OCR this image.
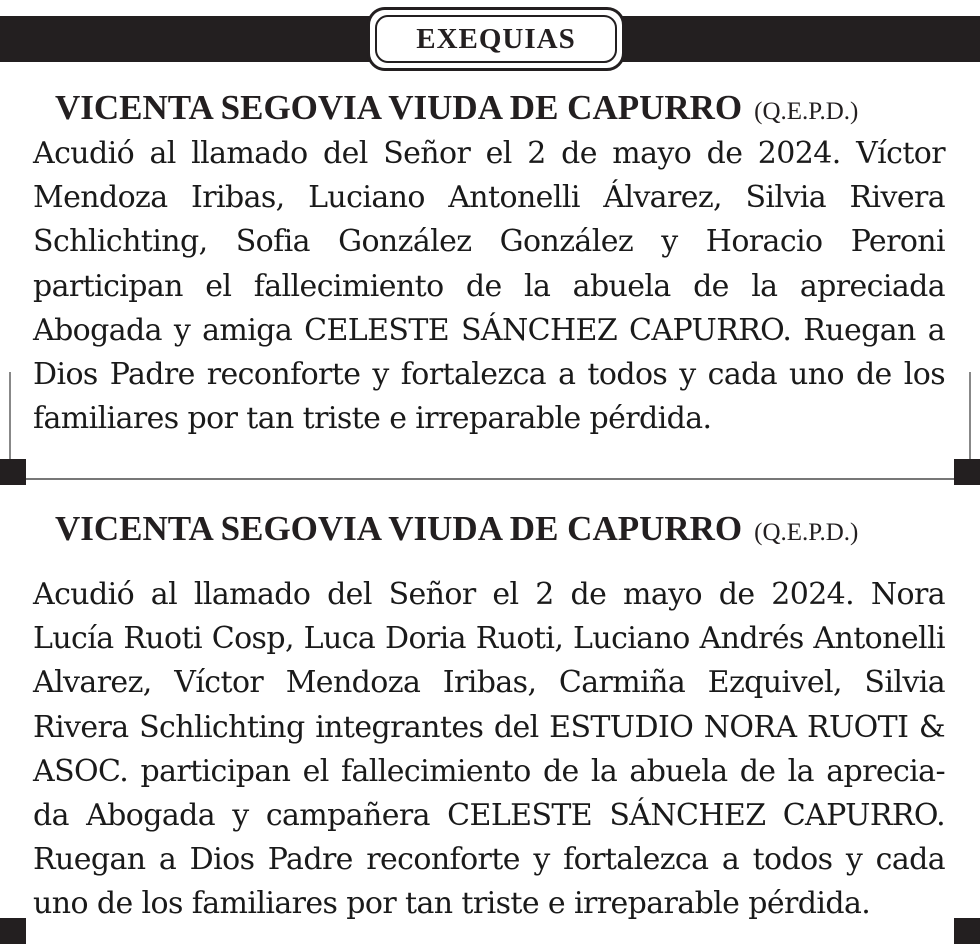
EXEQUIAS
VICENTA SEGOVIA VIUDA DE CAPURRO (Q.E.P.D.)

Acudió al llamado del Señor el 2 de mayo de 2024. Víctor Mendoza Iribas, Luciano Antonelli Álvarez, Silvia Rivera Schlichting, Sofia González González y Horacio Peroni participan el fallecimiento de la abuela de la apreciada Abogada y amiga CELESTE SÁNCHEZ CAPURRO. Ruegan a Dios Padre reconforte y fortalezca a todos y cada uno de los familiares por tan triste e irreparable pérdida.

VICENTA SEGOVIA VIUDA DE CAPURRO (Q.E.P.D.)

Acudió al llamado del Señor el 2 de mayo de 2024. Nora Lucía Ruoti Cosp, Luca Doria Ruoti, Luciano Andrés Antonelli Alvarez, Víctor Mendoza Iribas, Carmiña Ezquivel, Silvia Rivera Schlichting integrantes del ESTUDIO NORA RUOTI & ASOC. participan el fallecimiento de la abuela de la aprecia-da Abogada y campañera CELESTE SÁNCHEZ CAPURRO. Ruegan a Dios Padre reconforte y fortalezca a todos y cada uno de los familiares por tan triste e irreparable pérdida.
